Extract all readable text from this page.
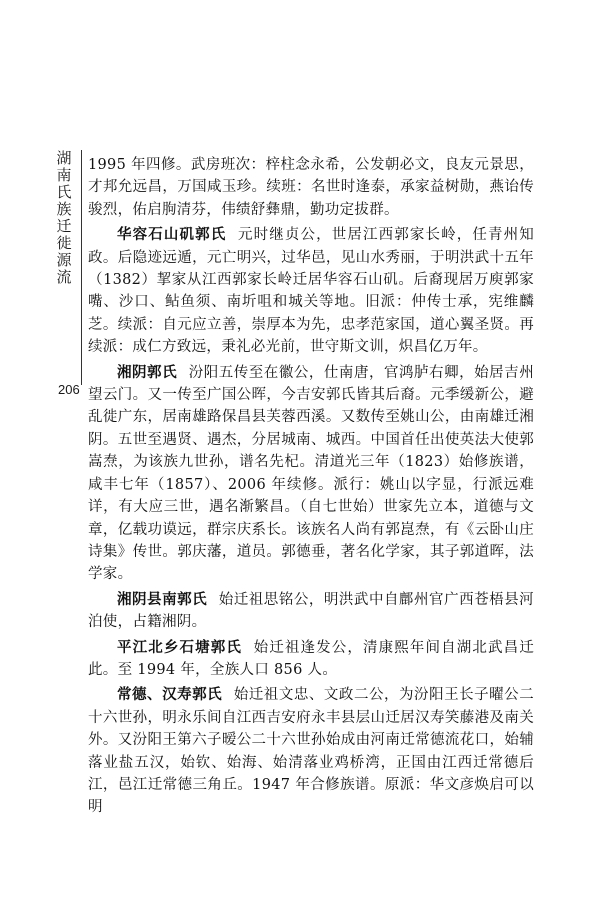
湖南氏族迁徙源流
206

1995 年四修。武房班次：梓柱念永希，公发朝必文，良友元景思，才邦允远昌，万国咸玉珍。续班：名世时逢泰，承家益树勋，燕诒传骏烈，佑启朐清芬，伟绩舒彝鼎，勤功定拔群。

华容石山矶郭氏 元时继贞公，世居江西郭家长岭，任青州知政。后隐迹远遁，元亡明兴，过华邑，见山水秀丽，于明洪武十五年（1382）挈家从江西郭家长岭迁居华容石山矶。后裔现居万庾郭家嘴、沙口、鲇鱼须、南圻咀和城关等地。旧派：仲传士承，宪维麟芝。续派：自元应立善，崇厚本为先，忠孝范家国，道心翼圣贤。再续派：成仁方致远，秉礼必光前，世守斯文训，炽昌亿万年。

湘阴郭氏 汾阳五传至在徽公，仕南唐，官鸿胪右卿，始居吉州望云门。又一传至广国公晖，今吉安郭氏皆其后裔。元季缓新公，避乱徙广东，居南雄路保昌县芙蓉西溪。又数传至姚山公，由南雄迁湘阴。五世至遇贤、遇杰，分居城南、城西。中国首任出使英法大使郭嵩焘，为该族九世孙，谱名先杞。清道光三年（1823）始修族谱，咸丰七年（1857）、2006 年续修。派行：姚山以字显，行派远难详，有大应三世，遇名渐繁昌。（自七世始）世家先立本，道德与文章，亿载功谟远，群宗庆系长。该族名人尚有郭崑焘，有《云卧山庄诗集》传世。郭庆藩，道员。郭德垂，著名化学家，其子郭道晖，法学家。

湘阴县南郭氏 始迁祖思铭公，明洪武中自鄜州官广西苍梧县河泊使，占籍湘阴。

平江北乡石塘郭氏 始迁祖逢发公，清康熙年间自湖北武昌迁此。至 1994 年，全族人口 856 人。

常德、汉寿郭氏 始迁祖文忠、文政二公，为汾阳王长子曜公二十六世孙，明永乐间自江西吉安府永丰县层山迁居汉寿笑藤港及南关外。又汾阳王第六子暧公二十六世孙始成由河南迁常德流花口，始辅落业盐五汉，始钦、始海、始清落业鸡桥湾，正国由江西迁常德后江，邑江迁常德三角丘。1947 年合修族谱。原派：华文彦焕启可以明
